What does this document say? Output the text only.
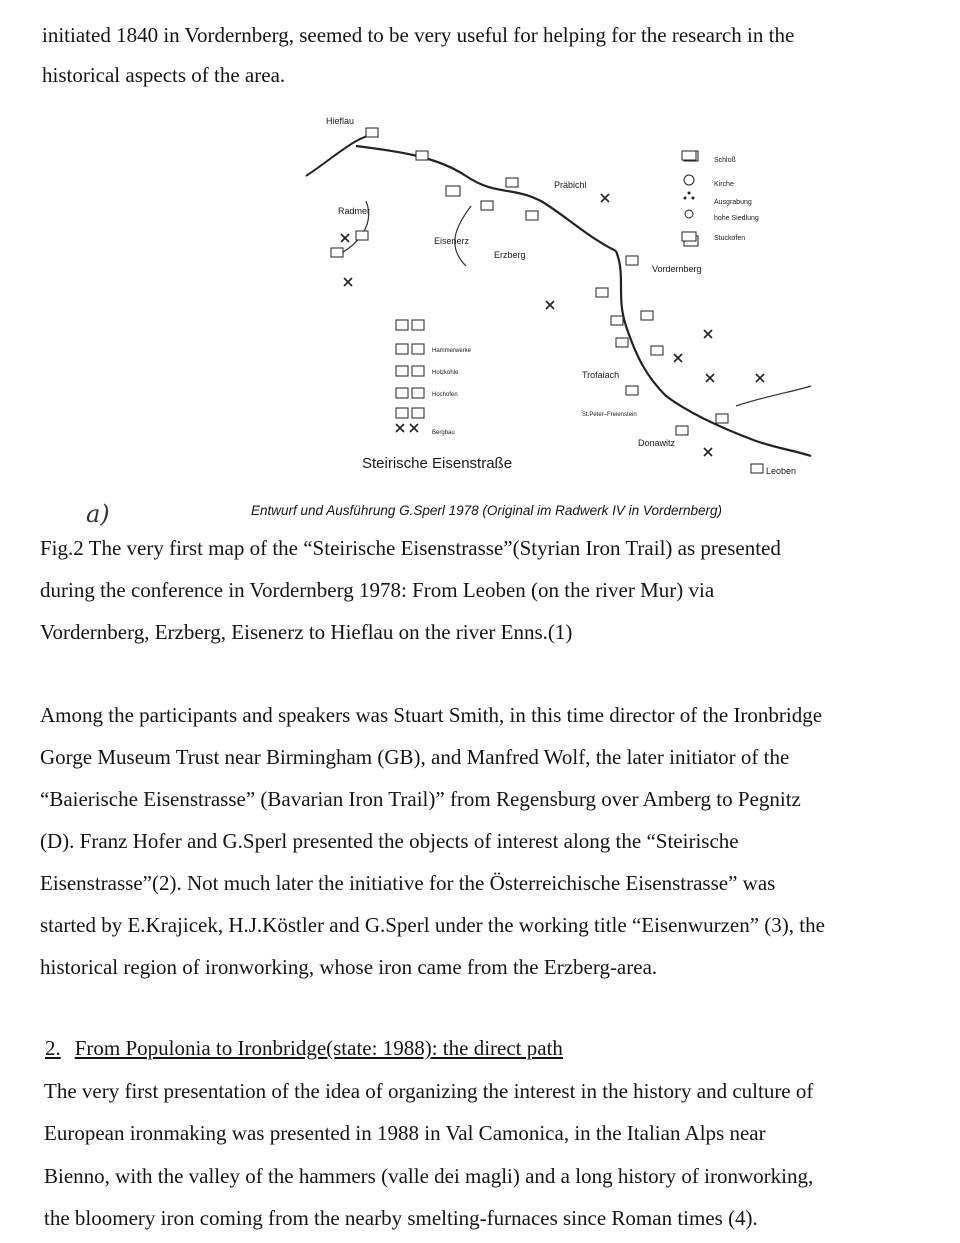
initiated 1840 in Vordernberg, seemed to be very useful for helping for the research in the
historical aspects of the area.
Hieflau
Radmer
Eisenerz
Erzberg
Präbichl
Vordernberg
Trofaiach
Donawitz
Leoben
St.Peter–Freienstein
Schloß
Kirche
Ausgrabung
hohe Siedlung
Stuckofen
Hammerwerke
Holzkohle
Hochofen
Bergbau
Steirische Eisenstraße
Entwurf und Ausführung G.Sperl 1978 (Original im Radwerk IV in Vordernberg)
a)
Fig.2 The very first map of the “Steirische Eisenstrasse”(Styrian Iron Trail) as presented
during the conference in Vordernberg 1978: From Leoben (on the river Mur) via
Vordernberg, Erzberg, Eisenerz to Hieflau on the river Enns.(1)
Among the participants and speakers was Stuart Smith, in this time director of the Ironbridge
Gorge Museum Trust near Birmingham (GB), and Manfred Wolf, the later initiator of the
“Baierische Eisenstrasse” (Bavarian Iron Trail)” from Regensburg over Amberg to Pegnitz
(D). Franz Hofer and G.Sperl presented the objects of interest along the “Steirische
Eisenstrasse”(2). Not much later the initiative for the Österreichische Eisenstrasse” was
started by E.Krajicek, H.J.Köstler and G.Sperl under the working title “Eisenwurzen” (3), the
historical region of ironworking, whose iron came from the Erzberg-area.
2. From Populonia to Ironbridge(state: 1988): the direct path
The very first presentation of the idea of organizing the interest in the history and culture of
European ironmaking was presented in 1988 in Val Camonica, in the Italian Alps near
Bienno, with the valley of the hammers (valle dei magli) and a long history of ironworking,
the bloomery iron coming from the nearby smelting-furnaces since Roman times (4).
